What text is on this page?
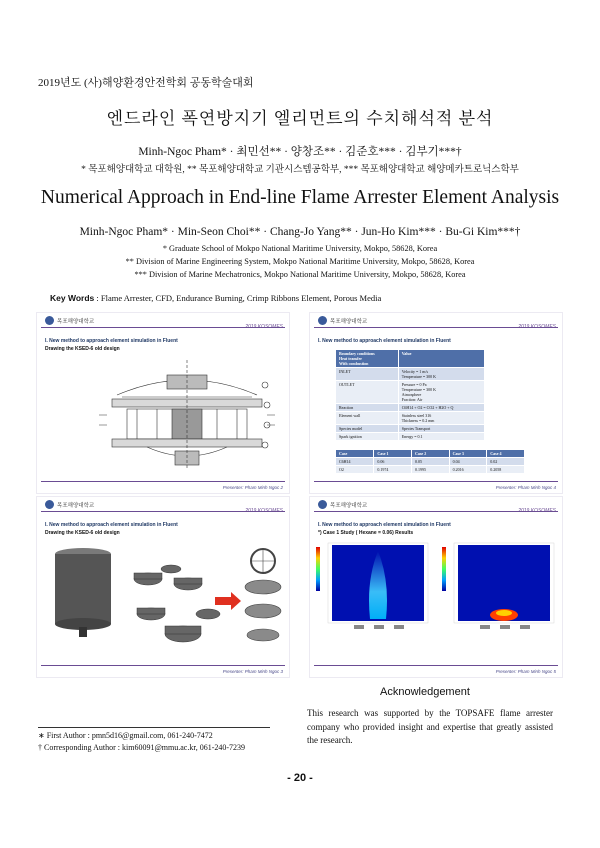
2019년도 (사)해양환경안전학회 공동학술대회
엔드라인 폭연방지기 엘리먼트의 수치해석적 분석
Minh-Ngoc Pham* · 최민선** · 양창조** · 김준호*** · 김부기***†
* 목포해양대학교 대학원, ** 목포해양대학교 기관시스템공학부, *** 목포해양대학교 해양메카트로닉스학부
Numerical Approach in End-line Flame Arrester Element Analysis
Minh-Ngoc Pham* · Min-Seon Choi** · Chang-Jo Yang** · Jun-Ho Kim*** · Bu-Gi Kim***†
* Graduate School of Mokpo National Maritime University, Mokpo, 58628, Korea
** Division of Marine Engineering System, Mokpo National Maritime University, Mokpo, 58628, Korea
*** Division of Marine Mechatronics, Mokpo National Maritime University, Mokpo, 58628, Korea
Key Words : Flame Arrester, CFD, Endurance Burning, Crimp Ribbons Element, Porous Media
목포해양대학교
2019 KOSOMES
I. New method to approach element simulation in Fluent
Drawing the KSED-6 old design
Presenter: Pham Minh Ngoc 2
목포해양대학교
2019 KOSOMES
I. New method to approach element simulation in Fluent
Boundary conditions
Heat transfer
With combustion	Value
INLET	Velocity = 1 m/s
Temperature = 300 K
OUTLET	Pressure = 0 Pa
Temperature = 300 K
Atmosphere
Fraction: Air
Reaction	C6H14 + O2 = CO2 + H2O + Q
Element wall	Stainless steel 316
Thickness = 0.2 mm
Species model	Species Transport
Spark ignition	Energy = 0.1
Case	Case 1	Case 2	Case 3	Case 4
C6H14	0.06	0.05	0.04	0.02
O2	0.1974	0.1995	0.2016	0.2058
Presenter: Pham Minh Ngoc 4
목포해양대학교
2019 KOSOMES
I. New method to approach element simulation in Fluent
Drawing the KSED-6 old design
Presenter: Pham Minh Ngoc 3
목포해양대학교
2019 KOSOMES
I. New method to approach element simulation in Fluent
*) Case 1 Study ( Hexane = 0.06) Results
Presenter: Pham Minh Ngoc 5
Acknowledgement
This research was supported by the TOPSAFE flame arrester company who provided insight and expertise that greatly assisted the research.
∗ First Author : pmn5d16@gmail.com, 061-240-7472
† Corresponding Author : kim60091@mmu.ac.kr, 061-240-7239
- 20 -
